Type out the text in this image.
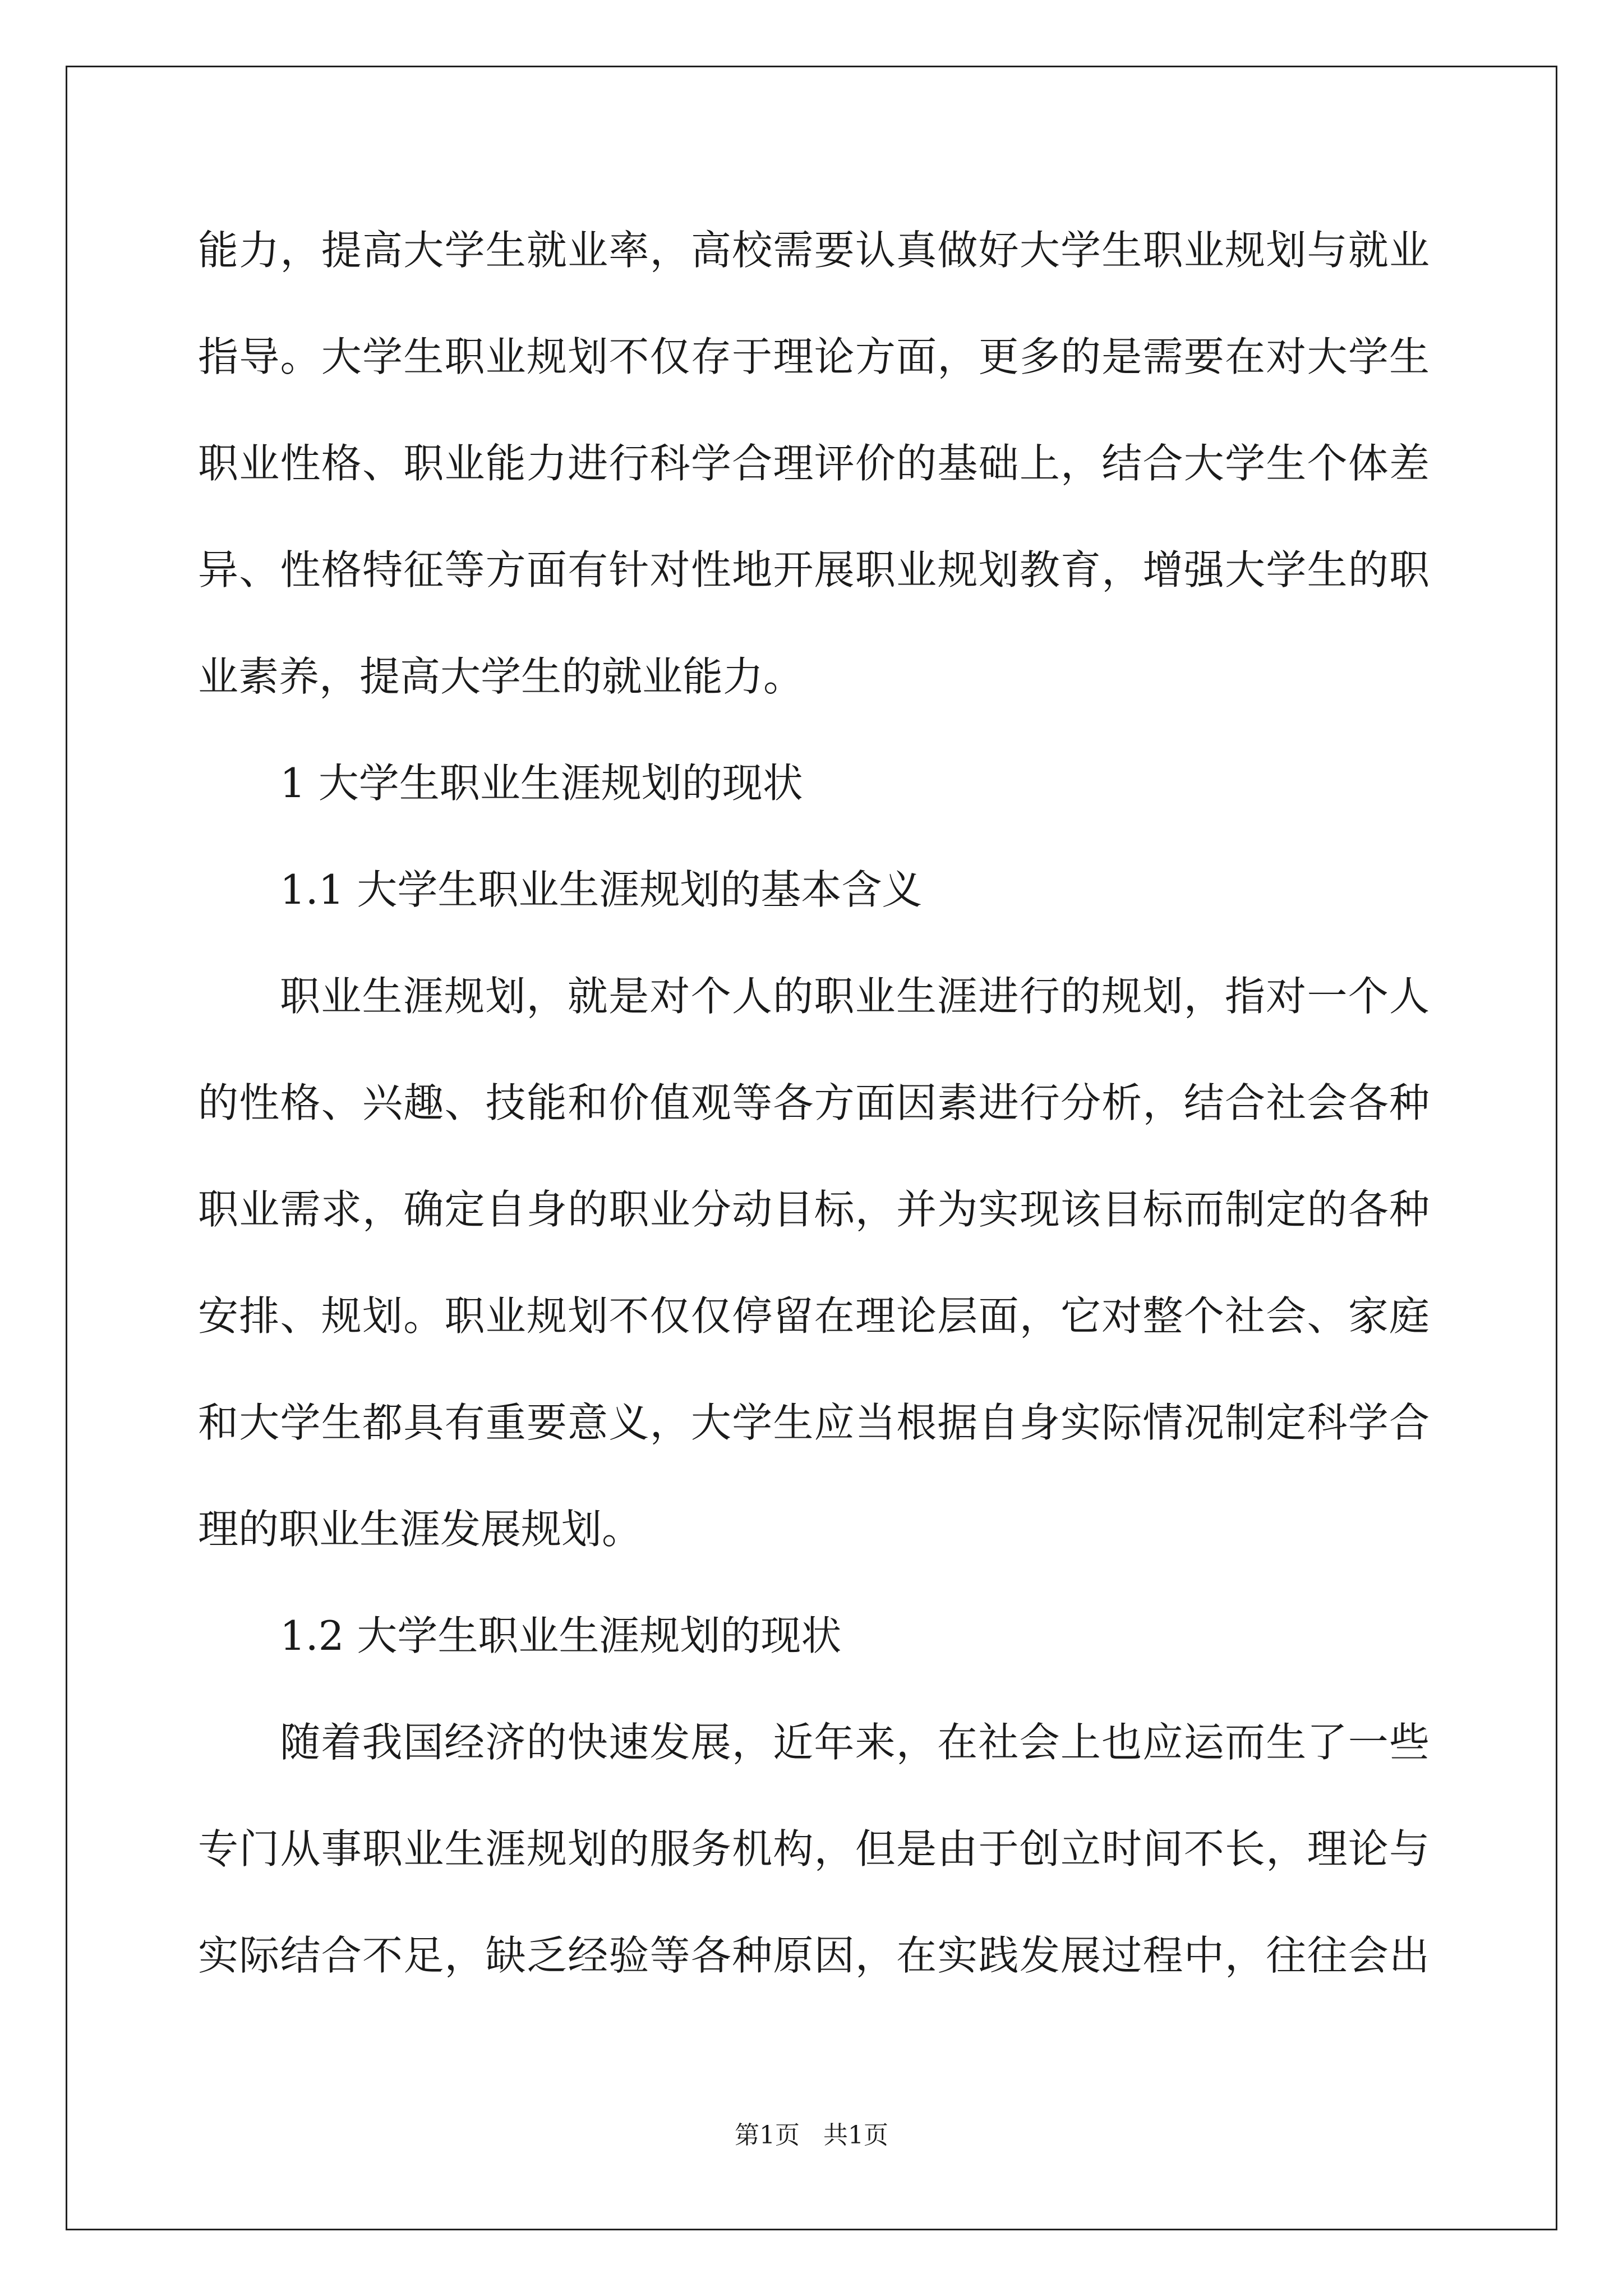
能力，提高大学生就业率，高校需要认真做好大学生职业规划与就业
指导。大学生职业规划不仅存于理论方面，更多的是需要在对大学生
职业性格、职业能力进行科学合理评价的基础上，结合大学生个体差
异、性格特征等方面有针对性地开展职业规划教育，增强大学生的职
业素养，提高大学生的就业能力。
1 大学生职业生涯规划的现状
1.1 大学生职业生涯规划的基本含义
职业生涯规划，就是对个人的职业生涯进行的规划，指对一个人
的性格、兴趣、技能和价值观等各方面因素进行分析，结合社会各种
职业需求，确定自身的职业分动目标，并为实现该目标而制定的各种
安排、规划。职业规划不仅仅停留在理论层面，它对整个社会、家庭
和大学生都具有重要意义，大学生应当根据自身实际情况制定科学合
理的职业生涯发展规划。
1.2 大学生职业生涯规划的现状
随着我国经济的快速发展，近年来，在社会上也应运而生了一些
专门从事职业生涯规划的服务机构，但是由于创立时间不长，理论与
实际结合不足，缺乏经验等各种原因，在实践发展过程中，往往会出
第1页   共1页
